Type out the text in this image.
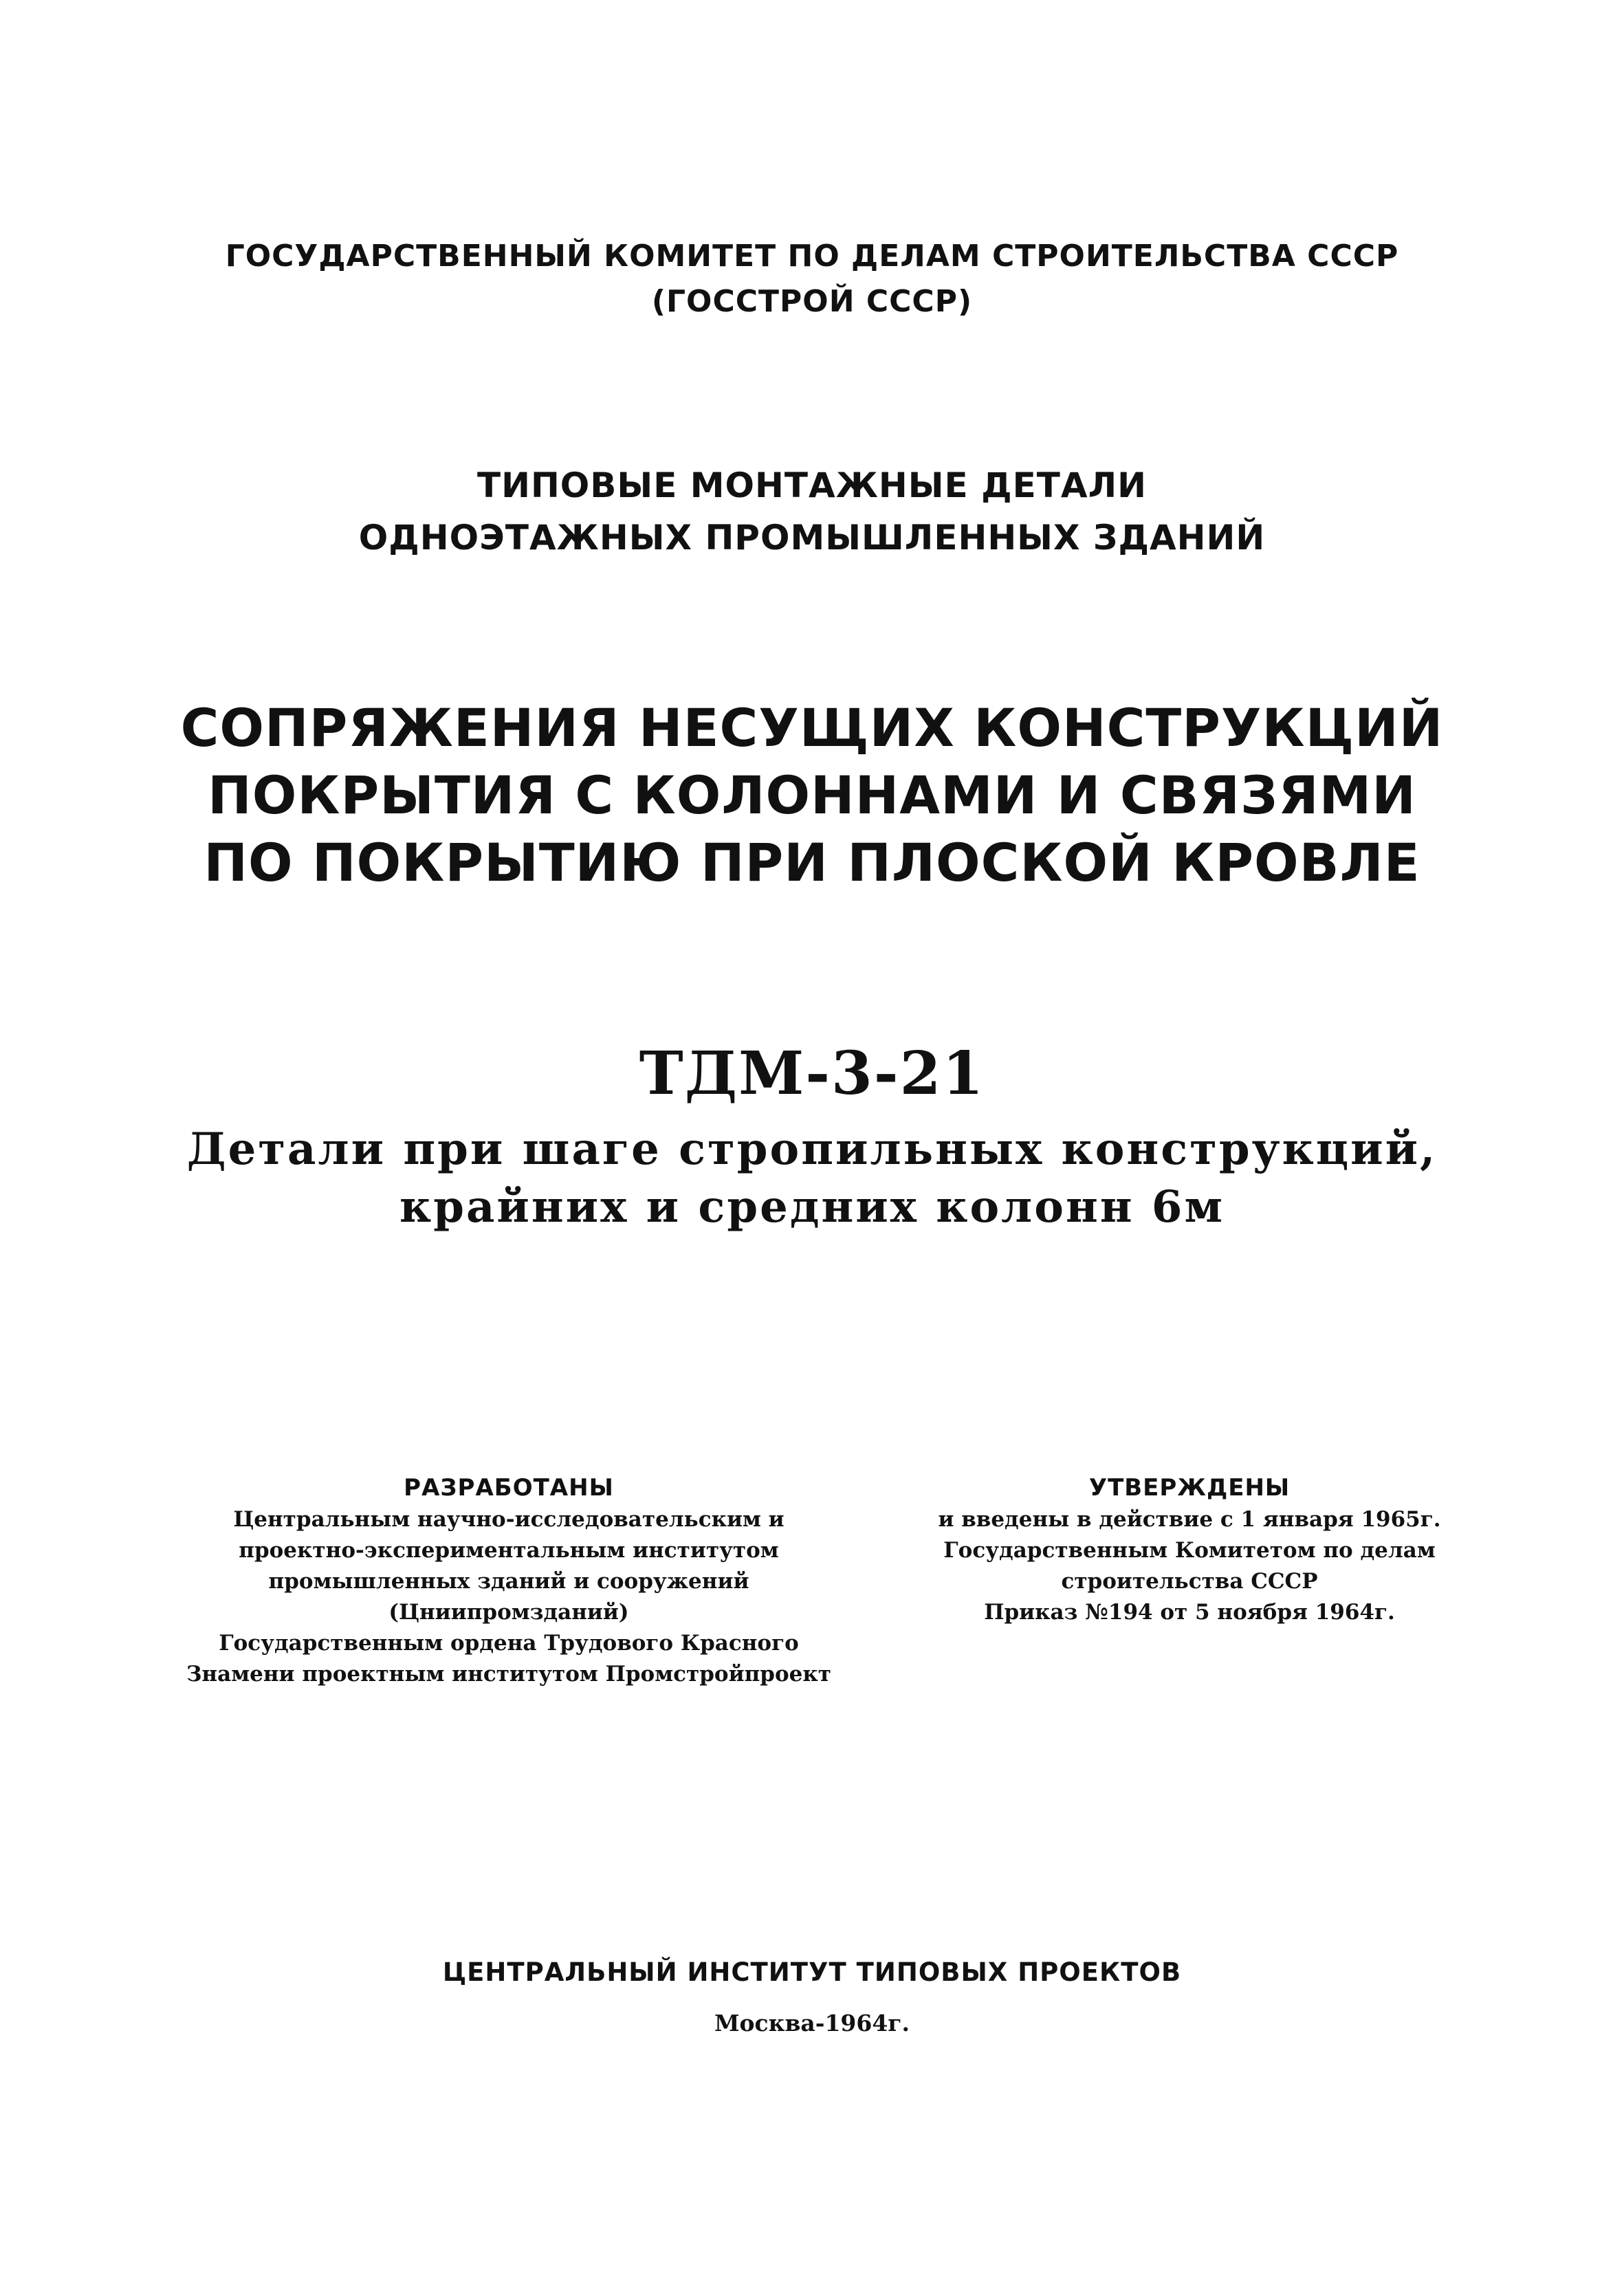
ГОСУДАРСТВЕННЫЙ КОМИТЕТ ПО ДЕЛАМ СТРОИТЕЛЬСТВА СССР
(ГОССТРОЙ СССР)
ТИПОВЫЕ МОНТАЖНЫЕ ДЕТАЛИ
ОДНОЭТАЖНЫХ ПРОМЫШЛЕННЫХ ЗДАНИЙ
СОПРЯЖЕНИЯ НЕСУЩИХ КОНСТРУКЦИЙ
ПОКРЫТИЯ С КОЛОННАМИ И СВЯЗЯМИ
ПО ПОКРЫТИЮ ПРИ ПЛОСКОЙ КРОВЛЕ
ТДМ-3-21
Детали при шаге стропильных конструкций,
крайних и средних колонн 6м
РАЗРАБОТАНЫ
Центральным научно-исследовательским и
проектно-экспериментальным институтом
промышленных зданий и сооружений
(Цниипромзданий)
Государственным ордена Трудового Красного
Знамени проектным институтом Промстройпроект
УТВЕРЖДЕНЫ
и введены в действие с 1 января 1965г.
Государственным Комитетом по делам
строительства СССР
Приказ №194 от 5 ноября 1964г.
ЦЕНТРАЛЬНЫЙ ИНСТИТУТ ТИПОВЫХ ПРОЕКТОВ
Москва-1964г.
